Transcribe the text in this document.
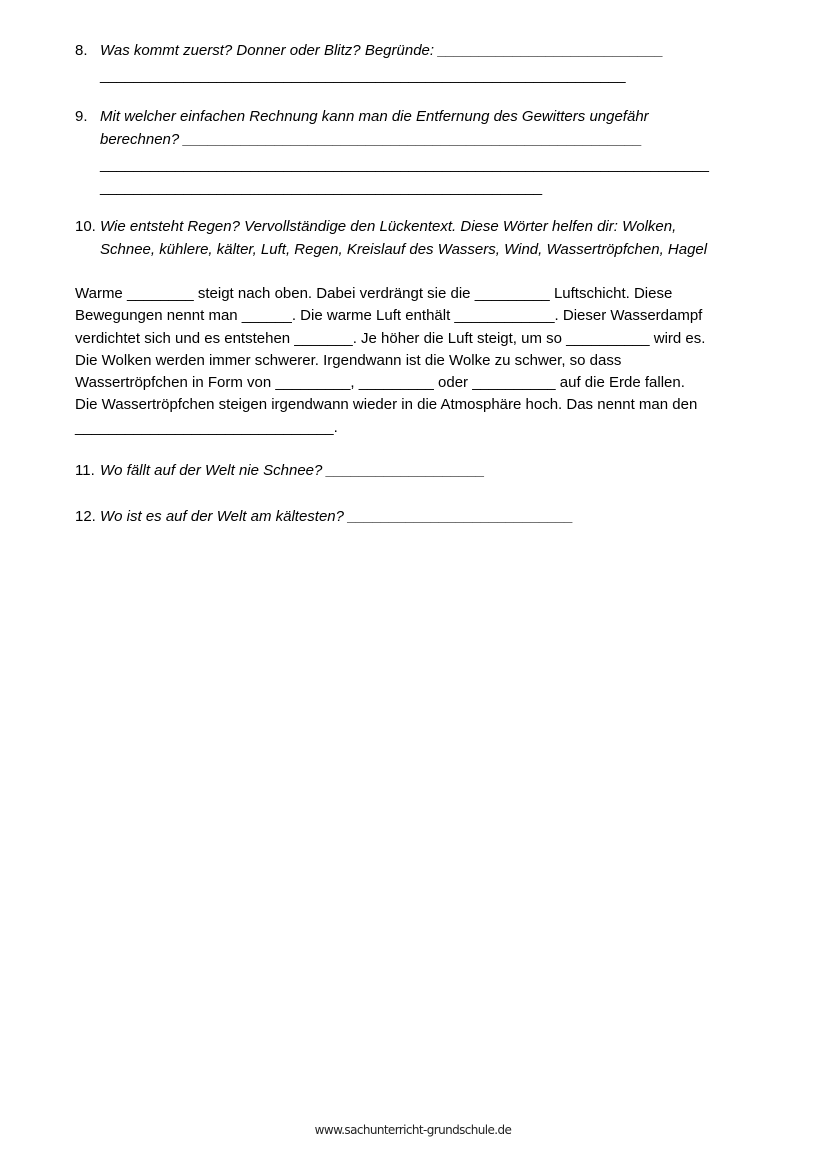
8. Was kommt zuerst? Donner oder Blitz? Begründe: ___________________________
_______________________________________________________________
9. Mit welcher einfachen Rechnung kann man die Entfernung des Gewitters ungefähr
berechnen? _______________________________________________________
_________________________________________________________________________
_____________________________________________________
10. Wie entsteht Regen? Vervollständige den Lückentext. Diese Wörter helfen dir: Wolken,
Schnee, kühlere, kälter, Luft, Regen, Kreislauf des Wassers, Wind, Wassertröpfchen, Hagel
Warme ________ steigt nach oben. Dabei verdrängt sie die _________ Luftschicht. Diese
Bewegungen nennt man ______. Die warme Luft enthält ____________. Dieser Wasserdampf
verdichtet sich und es entstehen _______. Je höher die Luft steigt, um so __________ wird es.
Die Wolken werden immer schwerer. Irgendwann ist die Wolke zu schwer, so dass
Wassertröpfchen in Form von _________, _________ oder __________ auf die Erde fallen.
Die Wassertröpfchen steigen irgendwann wieder in die Atmosphäre hoch. Das nennt man den
_______________________________.
11. Wo fällt auf der Welt nie Schnee? ___________________
12. Wo ist es auf der Welt am kältesten? ___________________________
www.sachunterricht-grundschule.de
